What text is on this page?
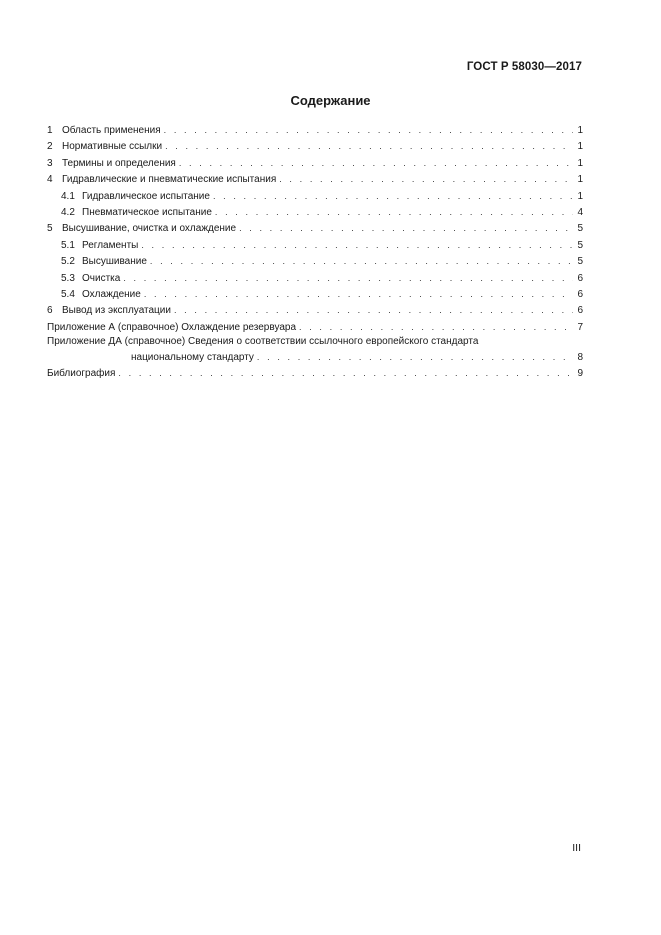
ГОСТ Р 58030—2017
Содержание
1 Область применения . . .	1
2 Нормативные ссылки . . .	1
3 Термины и определения . . .	1
4 Гидравлические и пневматические испытания . . .	1
4.1 Гидравлическое испытание . . .	1
4.2 Пневматическое испытание . . .	4
5 Высушивание, очистка и охлаждение . . .	5
5.1 Регламенты . . .	5
5.2 Высушивание . . .	5
5.3 Очистка . . .	6
5.4 Охлаждение . . .	6
6 Вывод из эксплуатации . . .	6
Приложение А (справочное) Охлаждение резервуара . . .	7
Приложение ДА (справочное) Сведения о соответствии ссылочного европейского стандарта
национальному стандарту . . .	8
Библиография . . .	9
III
